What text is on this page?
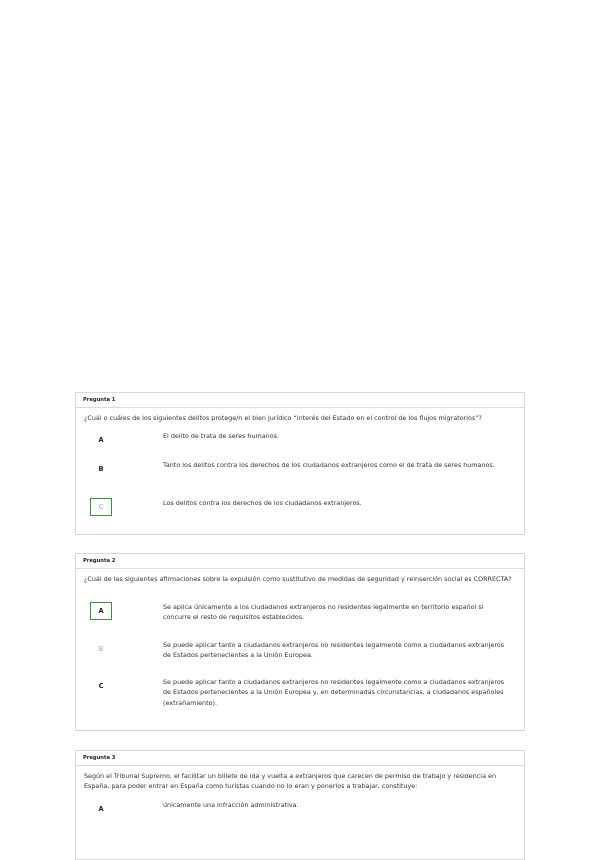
Pregunta 1
¿Cuál o cuáles de los siguientes delitos protege/n el bien jurídico “interés del Estado en el control de los flujos migratorios”?
A	El delito de trata de seres humanos.
B	Tanto los delitos contra los derechos de los ciudadanos extranjeros como el de trata de seres humanos.
C	Los delitos contra los derechos de los ciudadanos extranjeros.
Pregunta 2
¿Cuál de las siguientes afirmaciones sobre la expulsión como sustitutivo de medidas de seguridad y reinserción social es CORRECTA?
A	Se aplica únicamente a los ciudadanos extranjeros no residentes legalmente en territorio español si concurre el resto de requisitos establecidos.
B	Se puede aplicar tanto a ciudadanos extranjeros no residentes legalmente como a ciudadanos extranjeros de Estados pertenecientes a la Unión Europea.
C	Se puede aplicar tanto a ciudadanos extranjeros no residentes legalmente como a ciudadanos extranjeros de Estados pertenecientes a la Unión Europea y, en determinadas circunstancias, a ciudadanos españoles (extrañamiento).
Pregunta 3
Según el Tribunal Supremo, el facilitar un billete de ida y vuelta a extranjeros que carecen de permiso de trabajo y residencia en España, para poder entrar en España como turistas cuando no lo eran y ponerlos a trabajar, constituye:
A	únicamente una infracción administrativa.
